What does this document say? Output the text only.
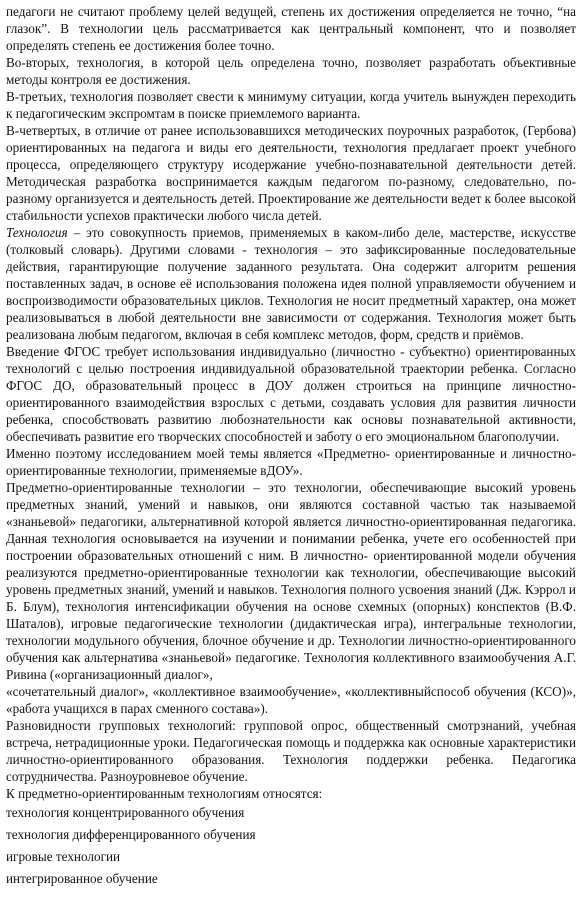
педагоги не считают проблему целей ведущей, степень их достижения определяется не точно, “на глазок”. В технологии цель рассматривается как центральный компонент, что и позволяет определять степень ее достижения более точно.

Во-вторых, технология, в которой цель определена точно, позволяет разработать объективные методы контроля ее достижения.

В-третьих, технология позволяет свести к минимуму ситуации, когда учитель вынужден переходить к педагогическим экспромтам в поиске приемлемого варианта.

В-четвертых, в отличие от ранее использовавшихся методических поурочных разработок, (Гербова) ориентированных на педагога и виды его деятельности, технология предлагает проект учебного процесса, определяющего структуру исодержание учебно-познавательной деятельности детей. Методическая разработка воспринимается каждым педагогом по-разному, следовательно, по-разному организуется и деятельность детей. Проектирование же деятельности ведет к более высокой стабильности успехов практически любого числа детей.

Технология – это совокупность приемов, применяемых в каком-либо деле, мастерстве, искусстве (толковый словарь). Другими словами - технология – это зафиксированные последовательные действия, гарантирующие получение заданного результата. Она содержит алгоритм решения поставленных задач, в основе её использования положена идея полной управляемости обучением и воспроизводимости образовательных циклов. Технология не носит предметный характер, она может реализовываться в любой деятельности вне зависимости от содержания. Технология может быть реализована любым педагогом, включая в себя комплекс методов, форм, средств и приёмов.

Введение ФГОС требует использования индивидуально (личностно - субъектно) ориентированных технологий с целью построения индивидуальной образовательной траектории ребенка. Согласно ФГОС ДО, образовательный процесс в ДОУ должен строиться на принципе личностно-ориентированного взаимодействия взрослых с детьми, создавать условия для развития личности ребенка, способствовать развитию любознательности как основы познавательной активности, обеспечивать развитие его творческих способностей и заботу о его эмоциональном благополучии.

Именно поэтому исследованием моей темы является «Предметно- ориентированные и личностно-ориентированные технологии, применяемые вДОУ».

Предметно-ориентированные технологии – это технологии, обеспечивающие высокий уровень предметных знаний, умений и навыков, они являются составной частью так называемой «знаньевой» педагогики, альтернативной которой является личностно-ориентированная педагогика. Данная технология основывается на изучении и понимании ребенка, учете его особенностей при построении образовательных отношений с ним. В личностно- ориентированной модели обучения реализуются предметно-ориентированные технологии как технологии, обеспечивающие высокий уровень предметных знаний, умений и навыков. Технология полного усвоения знаний (Дж. Кэррол и Б. Блум), технология интенсификации обучения на основе схемных (опорных) конспектов (В.Ф. Шаталов), игровые педагогические технологии (дидактическая игра), интегральные технологии, технологии модульного обучения, блочное обучение и др. Технологии личностно-ориентированного обучения как альтернатива «знаньевой» педагогике. Технология коллективного взаимообучения А.Г. Ривина («организационный диалог»,

«сочетательный диалог», «коллективное взаимообучение», «коллективныйспособ обучения (КСО)», «работа учащихся в парах сменного состава»).

Разновидности групповых технологий: групповой опрос, общественный смотрзнаний, учебная встреча, нетрадиционные уроки. Педагогическая помощь и поддержка как основные характеристики личностно-ориентированного образования. Технология поддержки ребенка. Педагогика сотрудничества. Разноуровневое обучение.

К предметно-ориентированным технологиям относятся:

технология концентрированного обучения

технология дифференцированного обучения

игровые технологии

интегрированное обучение
